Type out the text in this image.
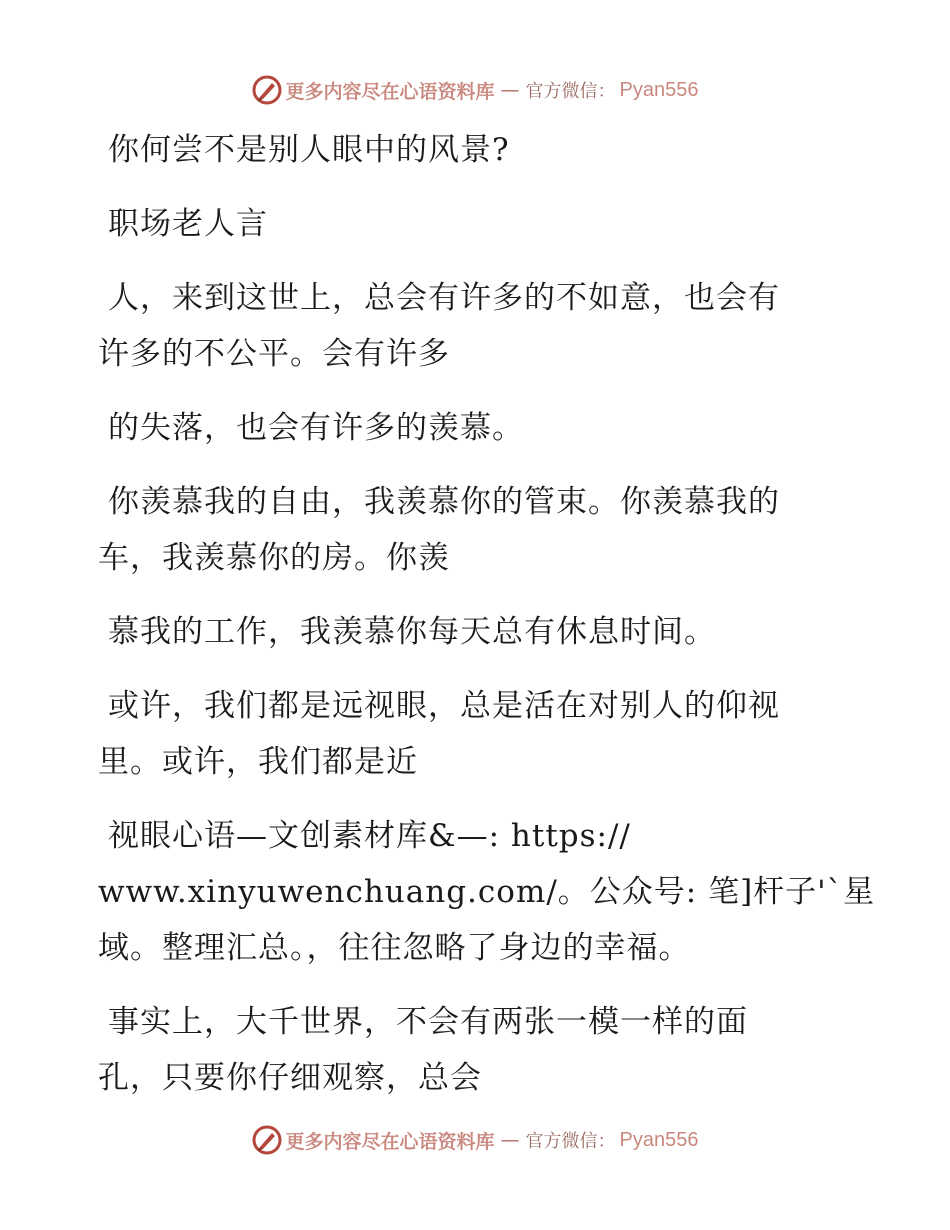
更多内容尽在心语资料库 — 官方微信： Pyan556
你何尝不是别人眼中的风景?
职场老人言
人，来到这世上，总会有许多的不如意，也会有
许多的不公平。会有许多
的失落，也会有许多的羡慕。
你羡慕我的自由，我羡慕你的管束。你羡慕我的
车，我羡慕你的房。你羡
慕我的工作，我羡慕你每天总有休息时间。
或许，我们都是远视眼，总是活在对别人的仰视
里。或许，我们都是近
视眼心语—文创素材库&—: https://
www.xinyuwenchuang.com/。公众号: 笔]杆子'`星
域。整理汇总。，往往忽略了身边的幸福。
事实上，大千世界，不会有两张一模一样的面
孔，只要你仔细观察，总会
更多内容尽在心语资料库 — 官方微信： Pyan556
